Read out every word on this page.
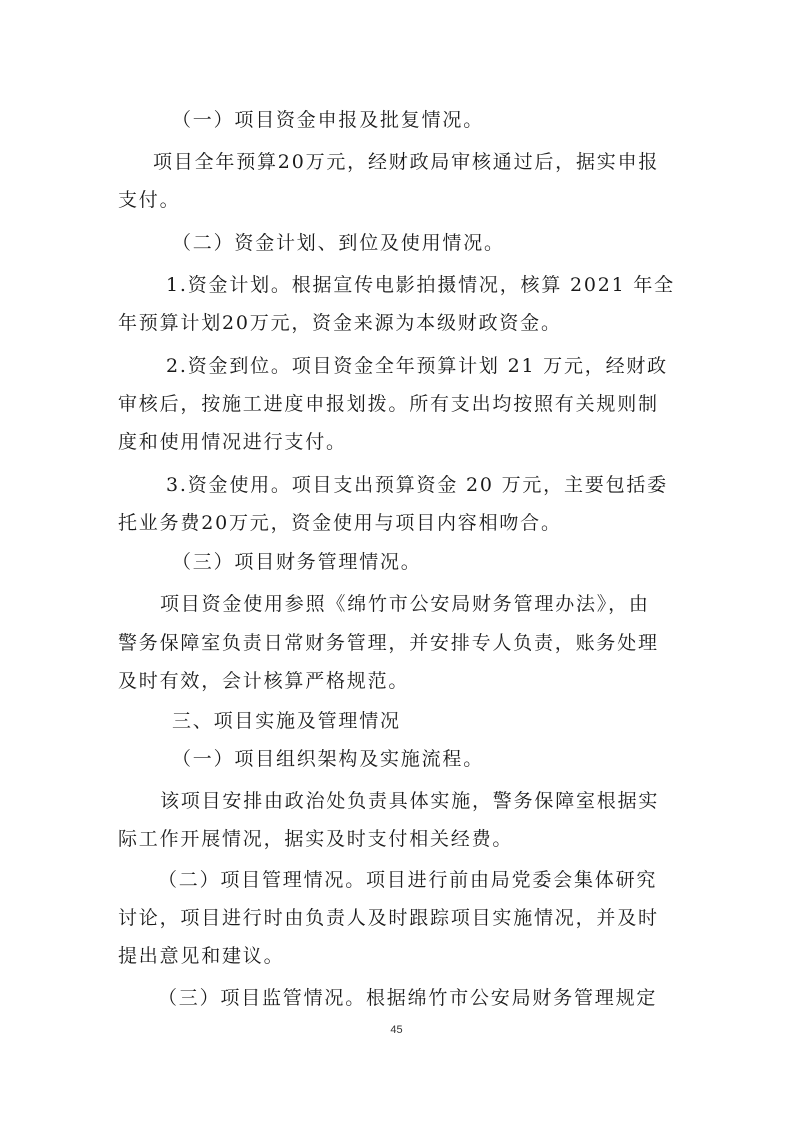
（一）项目资金申报及批复情况。
项目全年预算20万元，经财政局审核通过后，据实申报
支付。
（二）资金计划、到位及使用情况。
1.资金计划。根据宣传电影拍摄情况，核算 2021 年全
年预算计划20万元，资金来源为本级财政资金。
2.资金到位。项目资金全年预算计划 21 万元，经财政
审核后，按施工进度申报划拨。所有支出均按照有关规则制
度和使用情况进行支付。
3.资金使用。项目支出预算资金 20 万元，主要包括委
托业务费20万元，资金使用与项目内容相吻合。
（三）项目财务管理情况。
项目资金使用参照《绵竹市公安局财务管理办法》，由
警务保障室负责日常财务管理，并安排专人负责，账务处理
及时有效，会计核算严格规范。
三、项目实施及管理情况
（一）项目组织架构及实施流程。
该项目安排由政治处负责具体实施，警务保障室根据实
际工作开展情况，据实及时支付相关经费。
（二）项目管理情况。项目进行前由局党委会集体研究
讨论，项目进行时由负责人及时跟踪项目实施情况，并及时
提出意见和建议。
（三）项目监管情况。根据绵竹市公安局财务管理规定
45
